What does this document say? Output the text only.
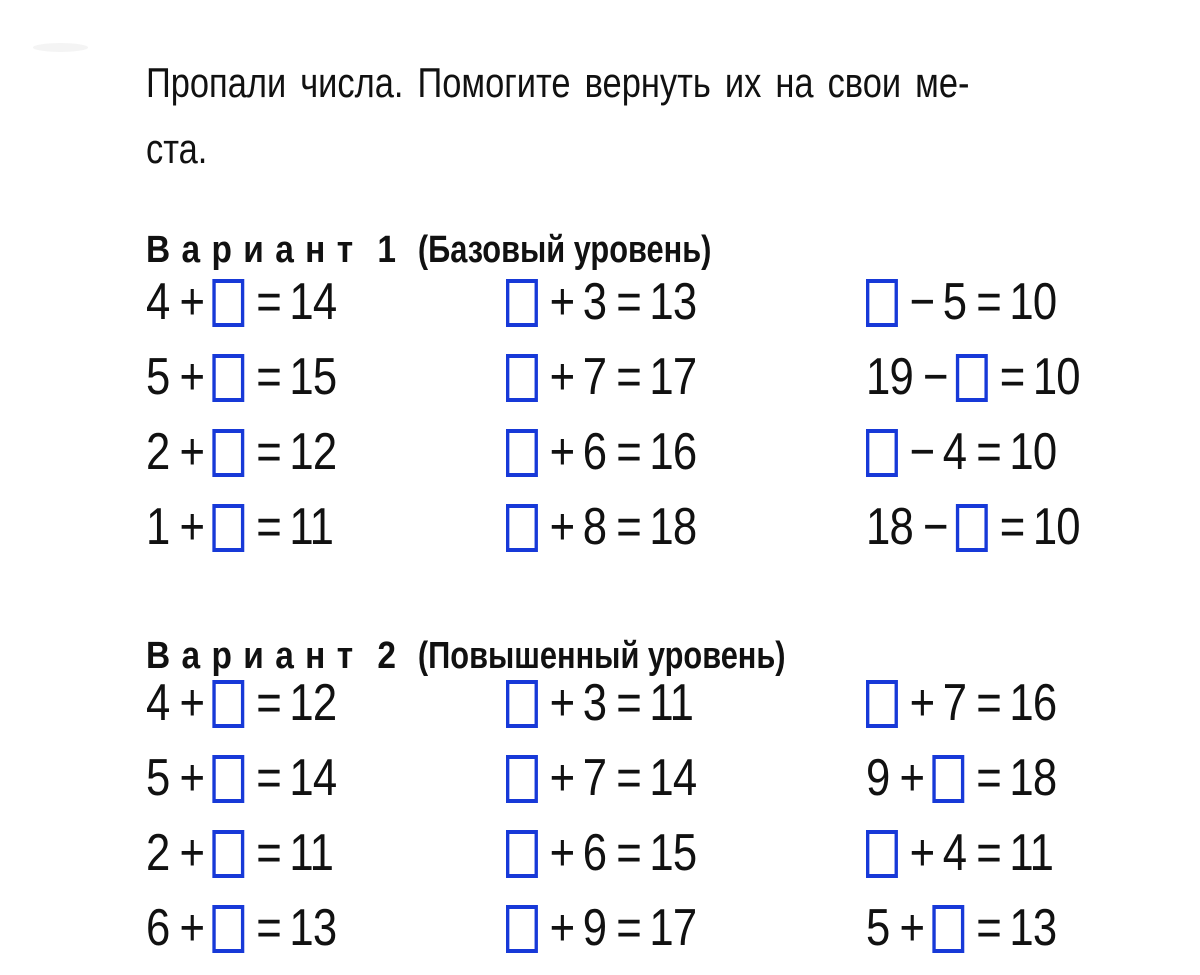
Пропали числа. Помогите вернуть их на свои ме-
ста.
Вариант 1 (Базовый уровень)
4 + = 14	+ 3 = 13	− 5 = 10
5 + = 15	+ 7 = 17	19 − = 10
2 + = 12	+ 6 = 16	− 4 = 10
1 + = 11	+ 8 = 18	18 − = 10
Вариант 2 (Повышенный уровень)
4 + = 12	+ 3 = 11	+ 7 = 16
5 + = 14	+ 7 = 14	9 + = 18
2 + = 11	+ 6 = 15	+ 4 = 11
6 + = 13	+ 9 = 17	5 + = 13
